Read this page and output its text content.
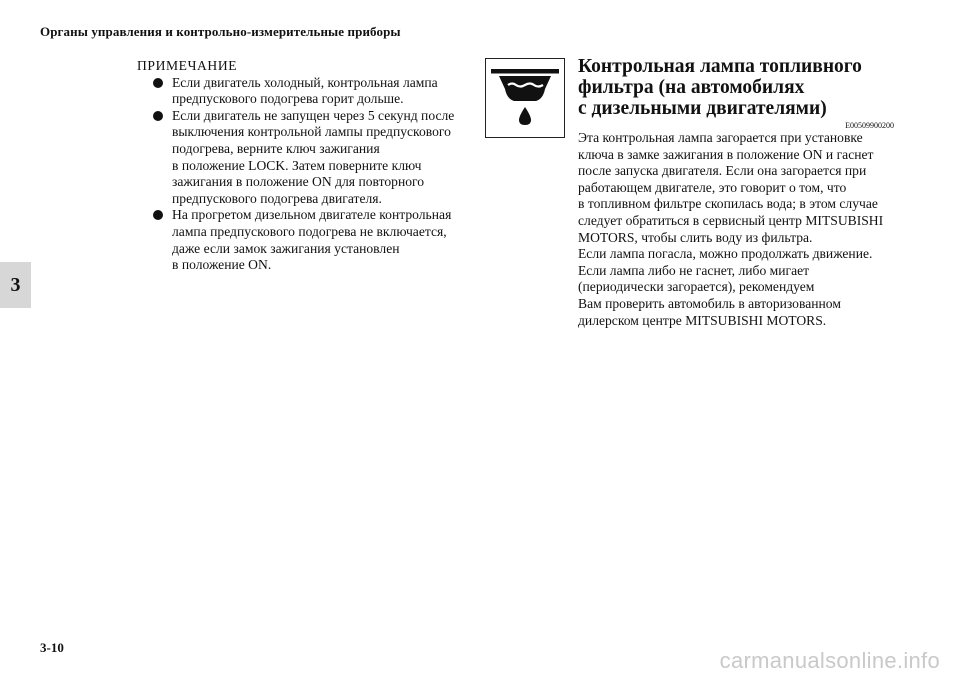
Органы управления и контрольно-измерительные приборы
3
ПРИМЕЧАНИЕ
Если двигатель холодный, контрольная лампа
предпускового подогрева горит дольше.
Если двигатель не запущен через 5 секунд после
выключения контрольной лампы предпускового
подогрева, верните ключ зажигания
в положение LOCK. Затем поверните ключ
зажигания в положение ON для повторного
предпускового подогрева двигателя.
На прогретом дизельном двигателе контрольная
лампа предпускового подогрева не включается,
даже если замок зажигания установлен
в положение ON.
Контрольная лампа топливного
фильтра (на автомобилях
с дизельными двигателями)
E00509900200
Эта контрольная лампа загорается при установке
ключа в замке зажигания в положение ON и гаснет
после запуска двигателя. Если она загорается при
работающем двигателе, это говорит о том, что
в топливном фильтре скопилась вода; в этом случае
следует обратиться в сервисный центр MITSUBISHI
MOTORS, чтобы слить воду из фильтра.
Если лампа погасла, можно продолжать движение.
Если лампа либо не гаснет, либо мигает
(периодически загорается), рекомендуем
Вам проверить автомобиль в авторизованном
дилерском центре MITSUBISHI MOTORS.
3-10
carmanualsonline.info
